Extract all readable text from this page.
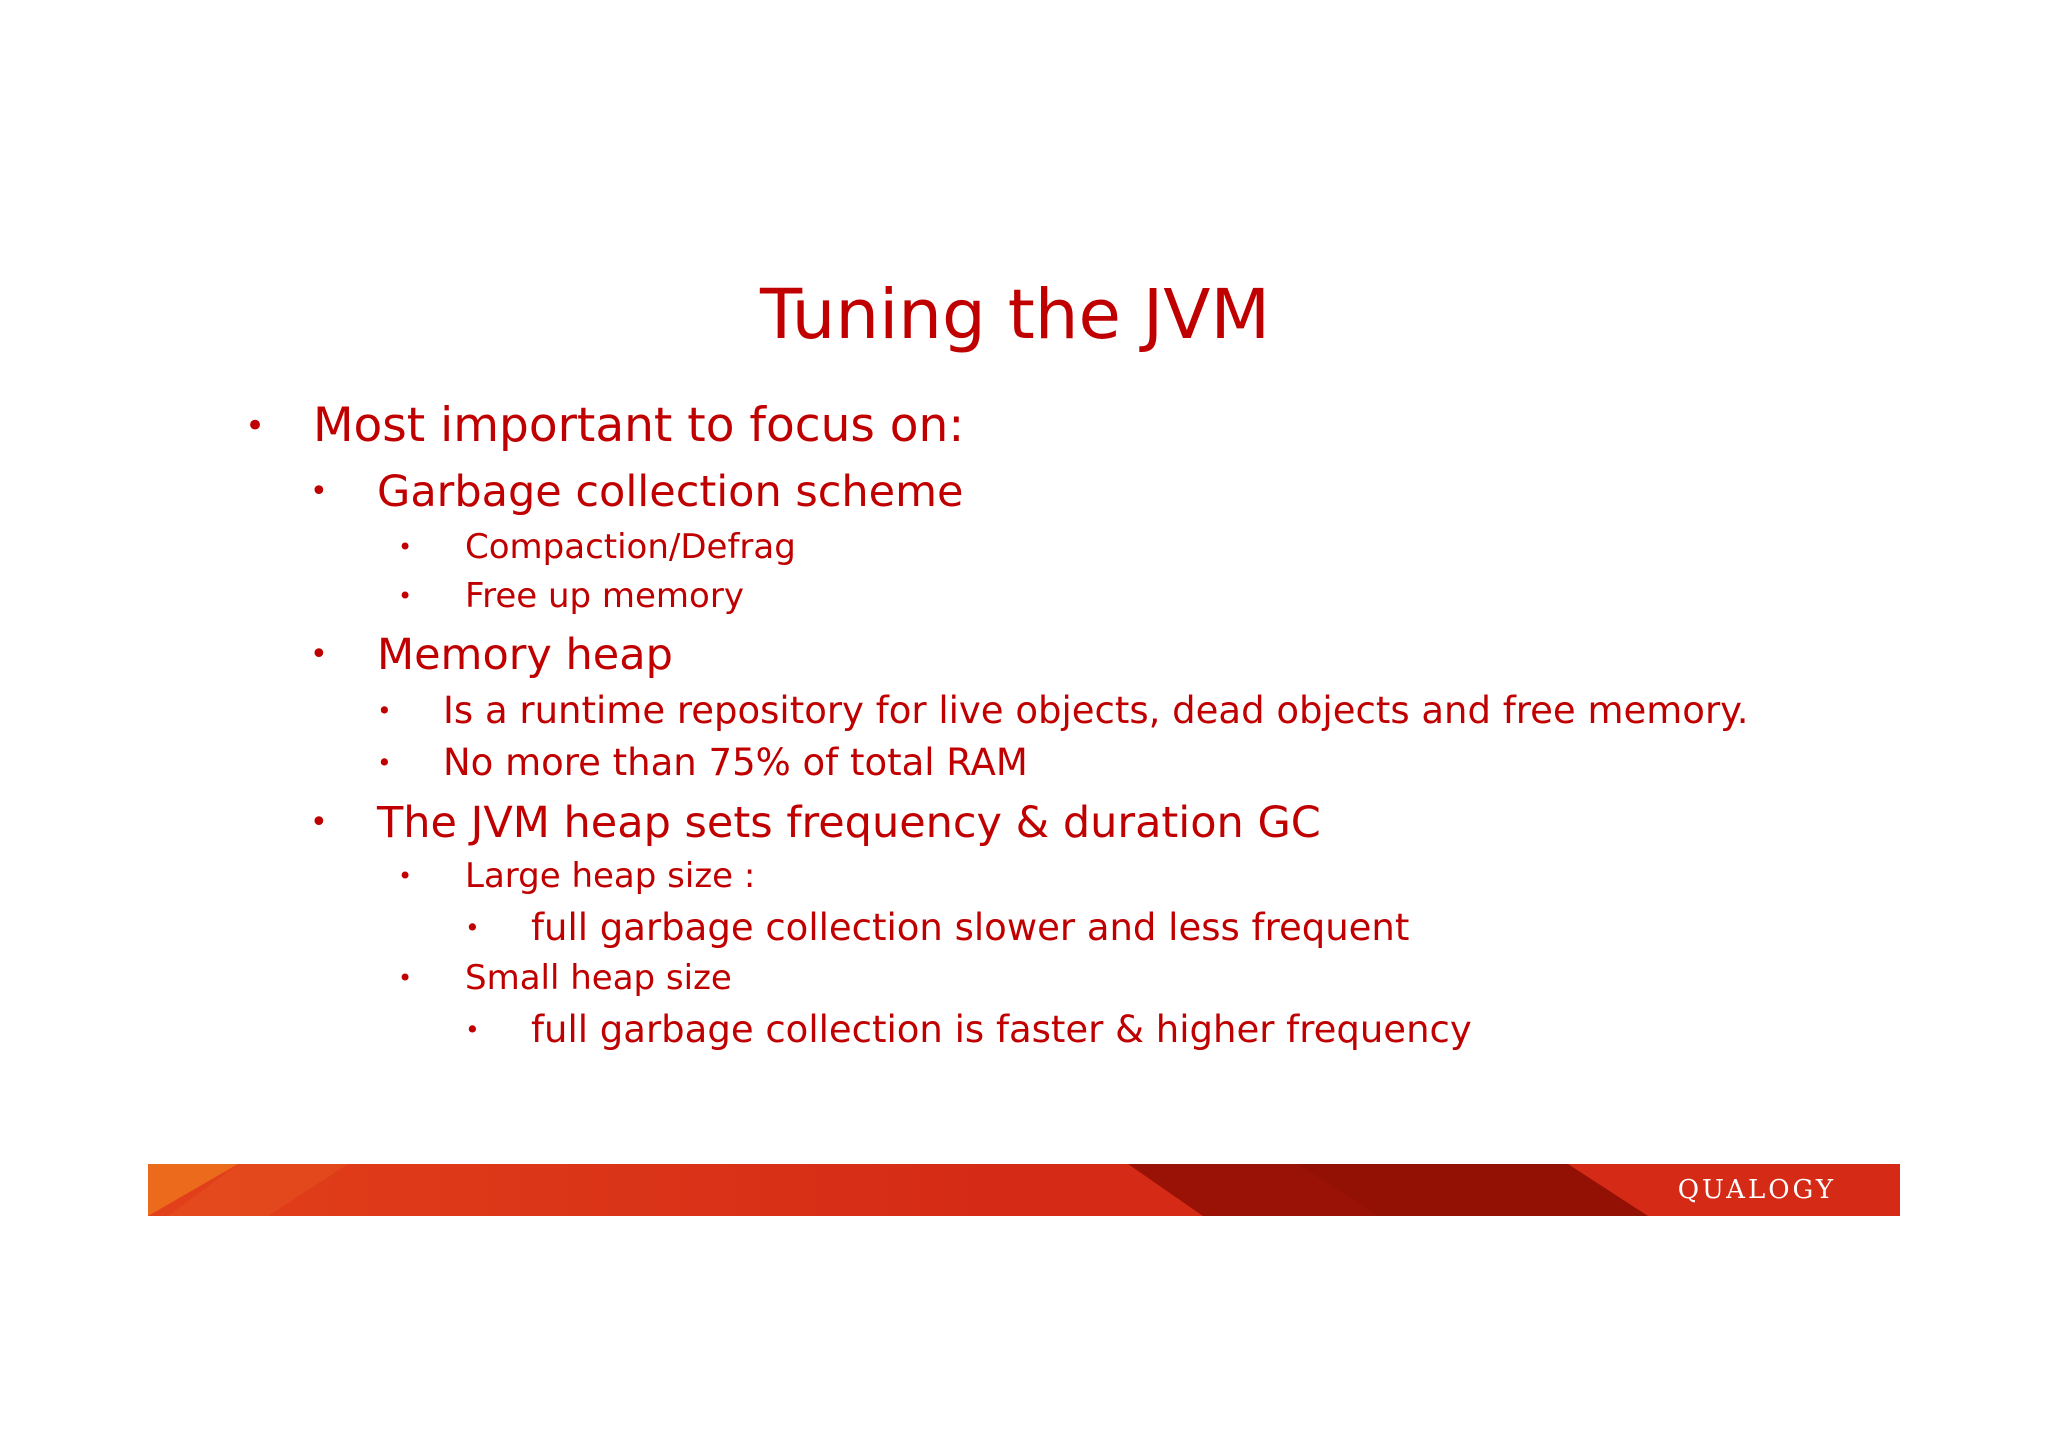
Tuning the JVM
• Most important to focus on:
• Garbage collection scheme
• Compaction/Defrag
• Free up memory
• Memory heap
• Is a runtime repository for live objects, dead objects and free memory.
• No more than 75% of total RAM
• The JVM heap sets frequency & duration GC
• Large heap size :
• full garbage collection slower and less frequent
• Small heap size
• full garbage collection is faster & higher frequency
QUALOGY
